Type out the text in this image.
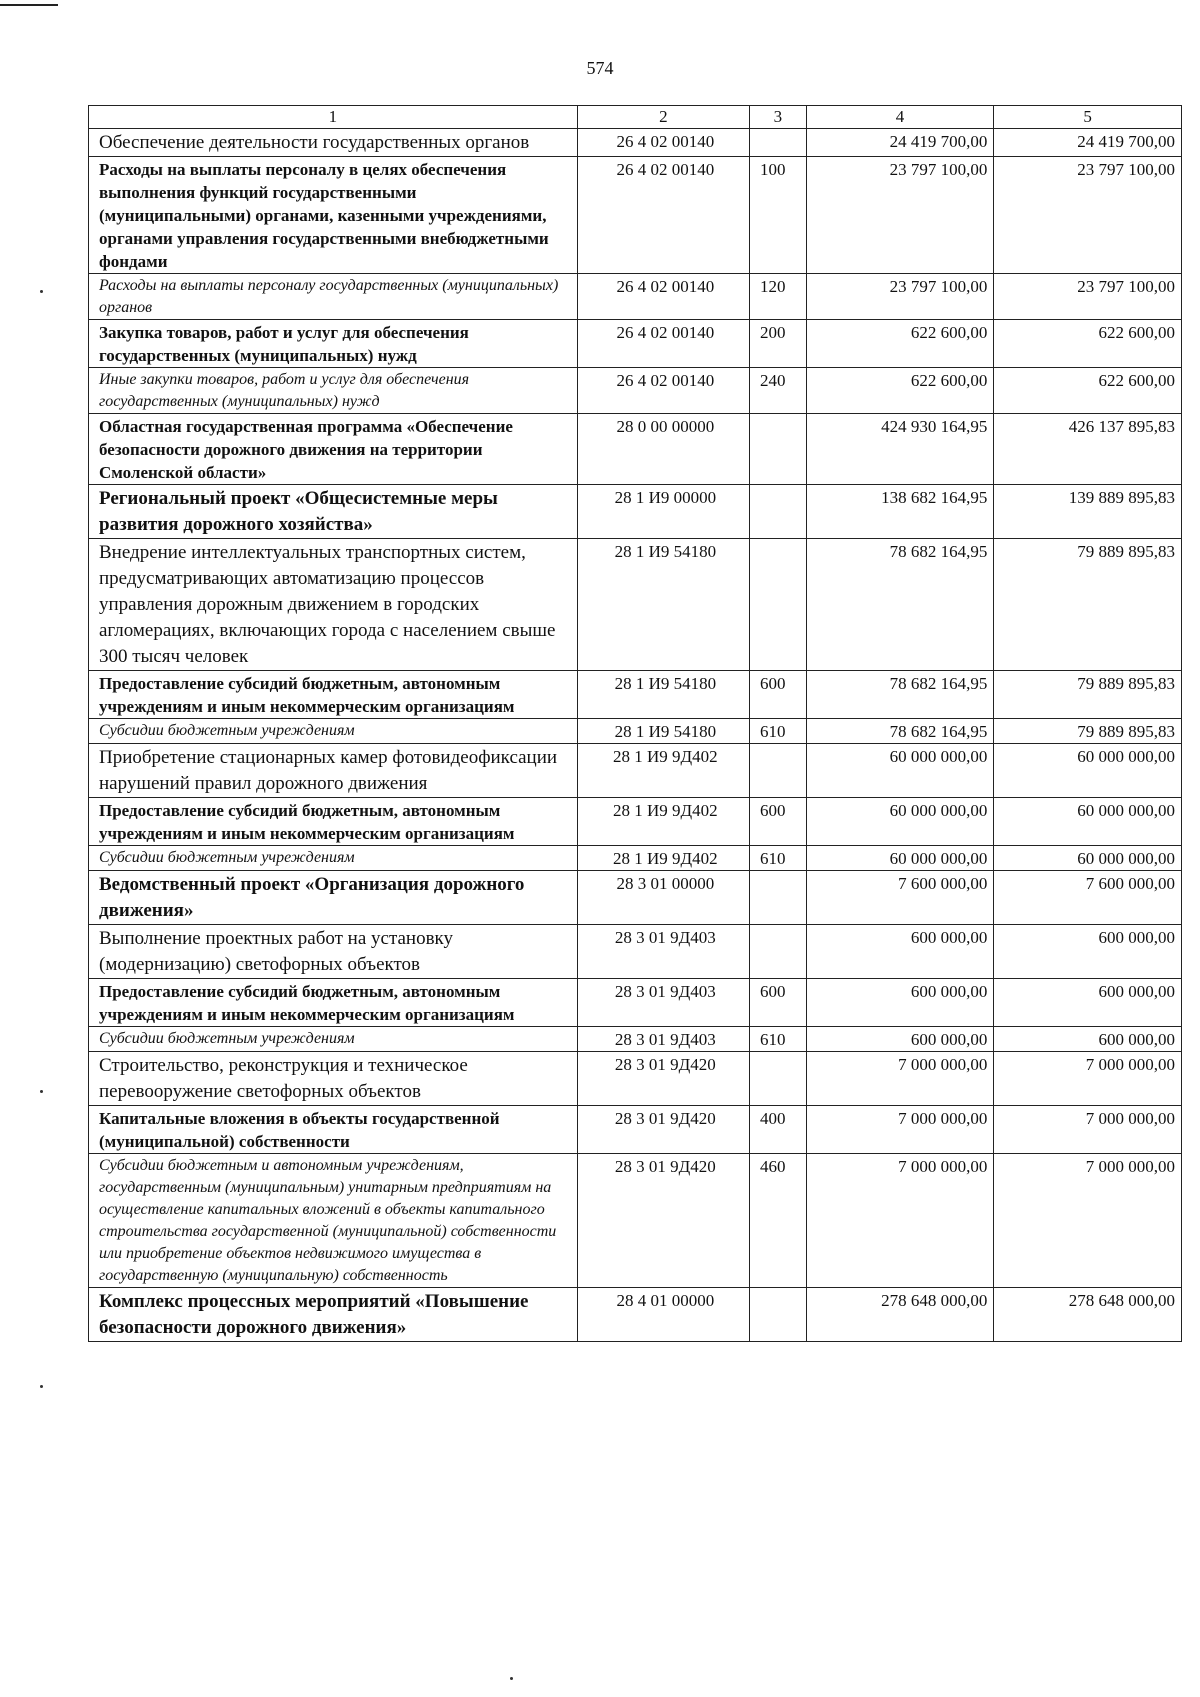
574
1	2	3	4	5
Обеспечение деятельности государственных органов	26 4 02 00140		24 419 700,00	24 419 700,00
Расходы на выплаты персоналу в целях обеспечения выполнения функций государственными (муниципальными) органами, казенными учреждениями, органами управления государственными внебюджетными фондами	26 4 02 00140	100	23 797 100,00	23 797 100,00
Расходы на выплаты персоналу государственных (муниципальных) органов	26 4 02 00140	120	23 797 100,00	23 797 100,00
Закупка товаров, работ и услуг для обеспечения государственных (муниципальных) нужд	26 4 02 00140	200	622 600,00	622 600,00
Иные закупки товаров, работ и услуг для обеспечения государственных (муниципальных) нужд	26 4 02 00140	240	622 600,00	622 600,00
Областная государственная программа «Обеспечение безопасности дорожного движения на территории Смоленской области»	28 0 00 00000		424 930 164,95	426 137 895,83
Региональный проект «Общесистемные меры развития дорожного хозяйства»	28 1 И9 00000		138 682 164,95	139 889 895,83
Внедрение интеллектуальных транспортных систем, предусматривающих автоматизацию процессов управления дорожным движением в городских агломерациях, включающих города с населением свыше 300 тысяч человек	28 1 И9 54180		78 682 164,95	79 889 895,83
Предоставление субсидий бюджетным, автономным учреждениям и иным некоммерческим организациям	28 1 И9 54180	600	78 682 164,95	79 889 895,83
Субсидии бюджетным учреждениям	28 1 И9 54180	610	78 682 164,95	79 889 895,83
Приобретение стационарных камер фотовидеофиксации нарушений правил дорожного движения	28 1 И9 9Д402		60 000 000,00	60 000 000,00
Предоставление субсидий бюджетным, автономным учреждениям и иным некоммерческим организациям	28 1 И9 9Д402	600	60 000 000,00	60 000 000,00
Субсидии бюджетным учреждениям	28 1 И9 9Д402	610	60 000 000,00	60 000 000,00
Ведомственный проект «Организация дорожного движения»	28 3 01 00000		7 600 000,00	7 600 000,00
Выполнение проектных работ на установку (модернизацию) светофорных объектов	28 3 01 9Д403		600 000,00	600 000,00
Предоставление субсидий бюджетным, автономным учреждениям и иным некоммерческим организациям	28 3 01 9Д403	600	600 000,00	600 000,00
Субсидии бюджетным учреждениям	28 3 01 9Д403	610	600 000,00	600 000,00
Строительство, реконструкция и техническое перевооружение светофорных объектов	28 3 01 9Д420		7 000 000,00	7 000 000,00
Капитальные вложения в объекты государственной (муниципальной) собственности	28 3 01 9Д420	400	7 000 000,00	7 000 000,00
Субсидии бюджетным и автономным учреждениям, государственным (муниципальным) унитарным предприятиям на осуществление капитальных вложений в объекты капитального строительства государственной (муниципальной) собственности или приобретение объектов недвижимого имущества в государственную (муниципальную) собственность	28 3 01 9Д420	460	7 000 000,00	7 000 000,00
Комплекс процессных мероприятий «Повышение безопасности дорожного движения»	28 4 01 00000		278 648 000,00	278 648 000,00
